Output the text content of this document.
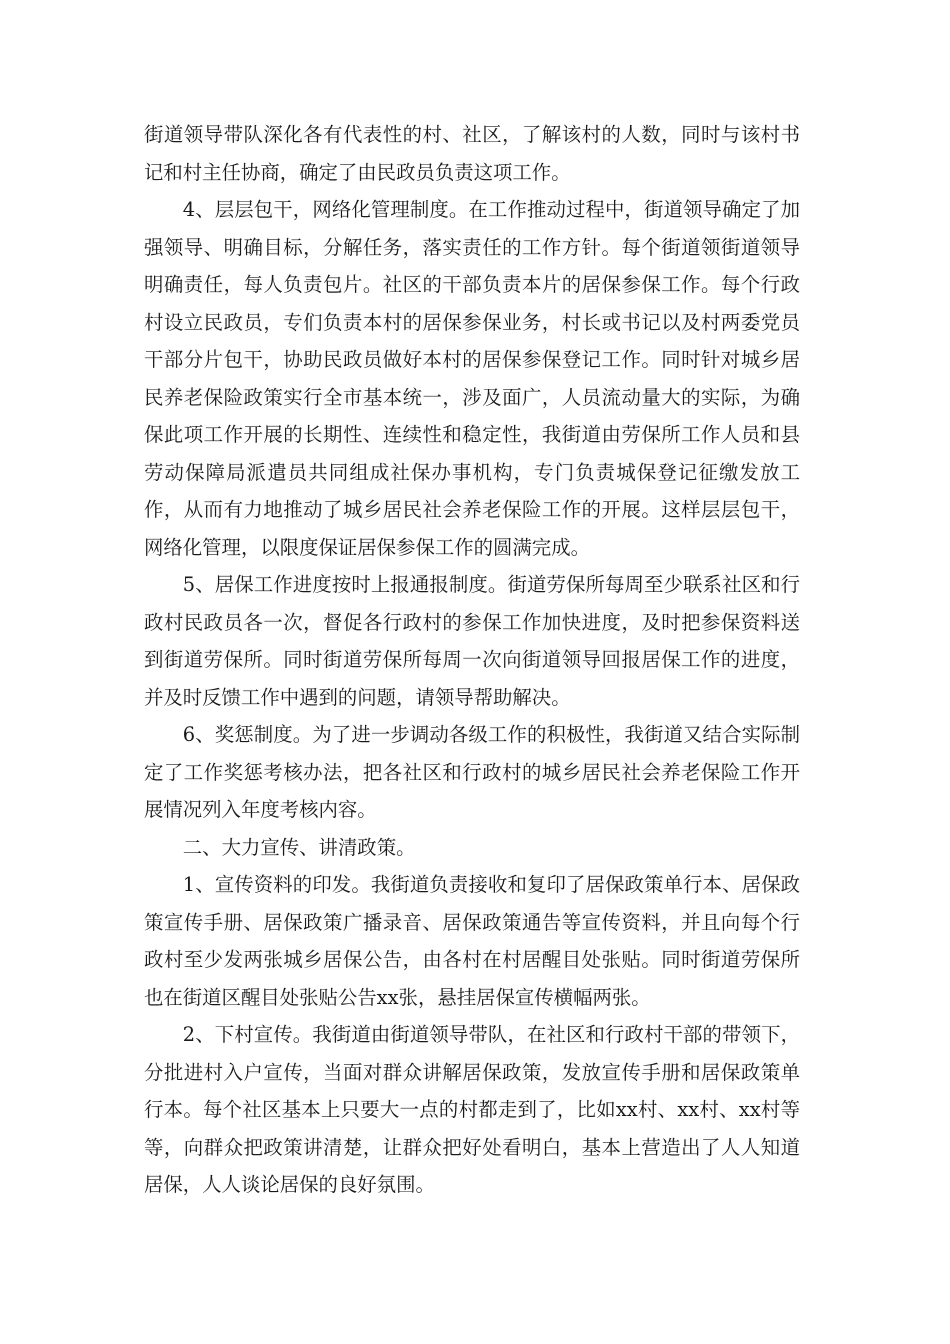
街道领导带队深化各有代表性的村、社区，了解该村的人数，同时与该村书记和村主任协商，确定了由民政员负责这项工作。

4、层层包干，网络化管理制度。在工作推动过程中，街道领导确定了加强领导、明确目标，分解任务，落实责任的工作方针。每个街道领街道领导明确责任，每人负责包片。社区的干部负责本片的居保参保工作。每个行政村设立民政员，专们负责本村的居保参保业务，村长或书记以及村两委党员干部分片包干，协助民政员做好本村的居保参保登记工作。同时针对城乡居民养老保险政策实行全市基本统一，涉及面广，人员流动量大的实际，为确保此项工作开展的长期性、连续性和稳定性，我街道由劳保所工作人员和县劳动保障局派遣员共同组成社保办事机构，专门负责城保登记征缴发放工作，从而有力地推动了城乡居民社会养老保险工作的开展。这样层层包干，网络化管理，以限度保证居保参保工作的圆满完成。

5、居保工作进度按时上报通报制度。街道劳保所每周至少联系社区和行政村民政员各一次，督促各行政村的参保工作加快进度，及时把参保资料送到街道劳保所。同时街道劳保所每周一次向街道领导回报居保工作的进度，并及时反馈工作中遇到的问题，请领导帮助解决。

6、奖惩制度。为了进一步调动各级工作的积极性，我街道又结合实际制定了工作奖惩考核办法，把各社区和行政村的城乡居民社会养老保险工作开展情况列入年度考核内容。

二、大力宣传、讲清政策。

1、宣传资料的印发。我街道负责接收和复印了居保政策单行本、居保政策宣传手册、居保政策广播录音、居保政策通告等宣传资料，并且向每个行政村至少发两张城乡居保公告，由各村在村居醒目处张贴。同时街道劳保所也在街道区醒目处张贴公告xx张，悬挂居保宣传横幅两张。

2、下村宣传。我街道由街道领导带队，在社区和行政村干部的带领下，分批进村入户宣传，当面对群众讲解居保政策，发放宣传手册和居保政策单行本。每个社区基本上只要大一点的村都走到了，比如xx村、xx村、xx村等等，向群众把政策讲清楚，让群众把好处看明白，基本上营造出了人人知道居保，人人谈论居保的良好氛围。
